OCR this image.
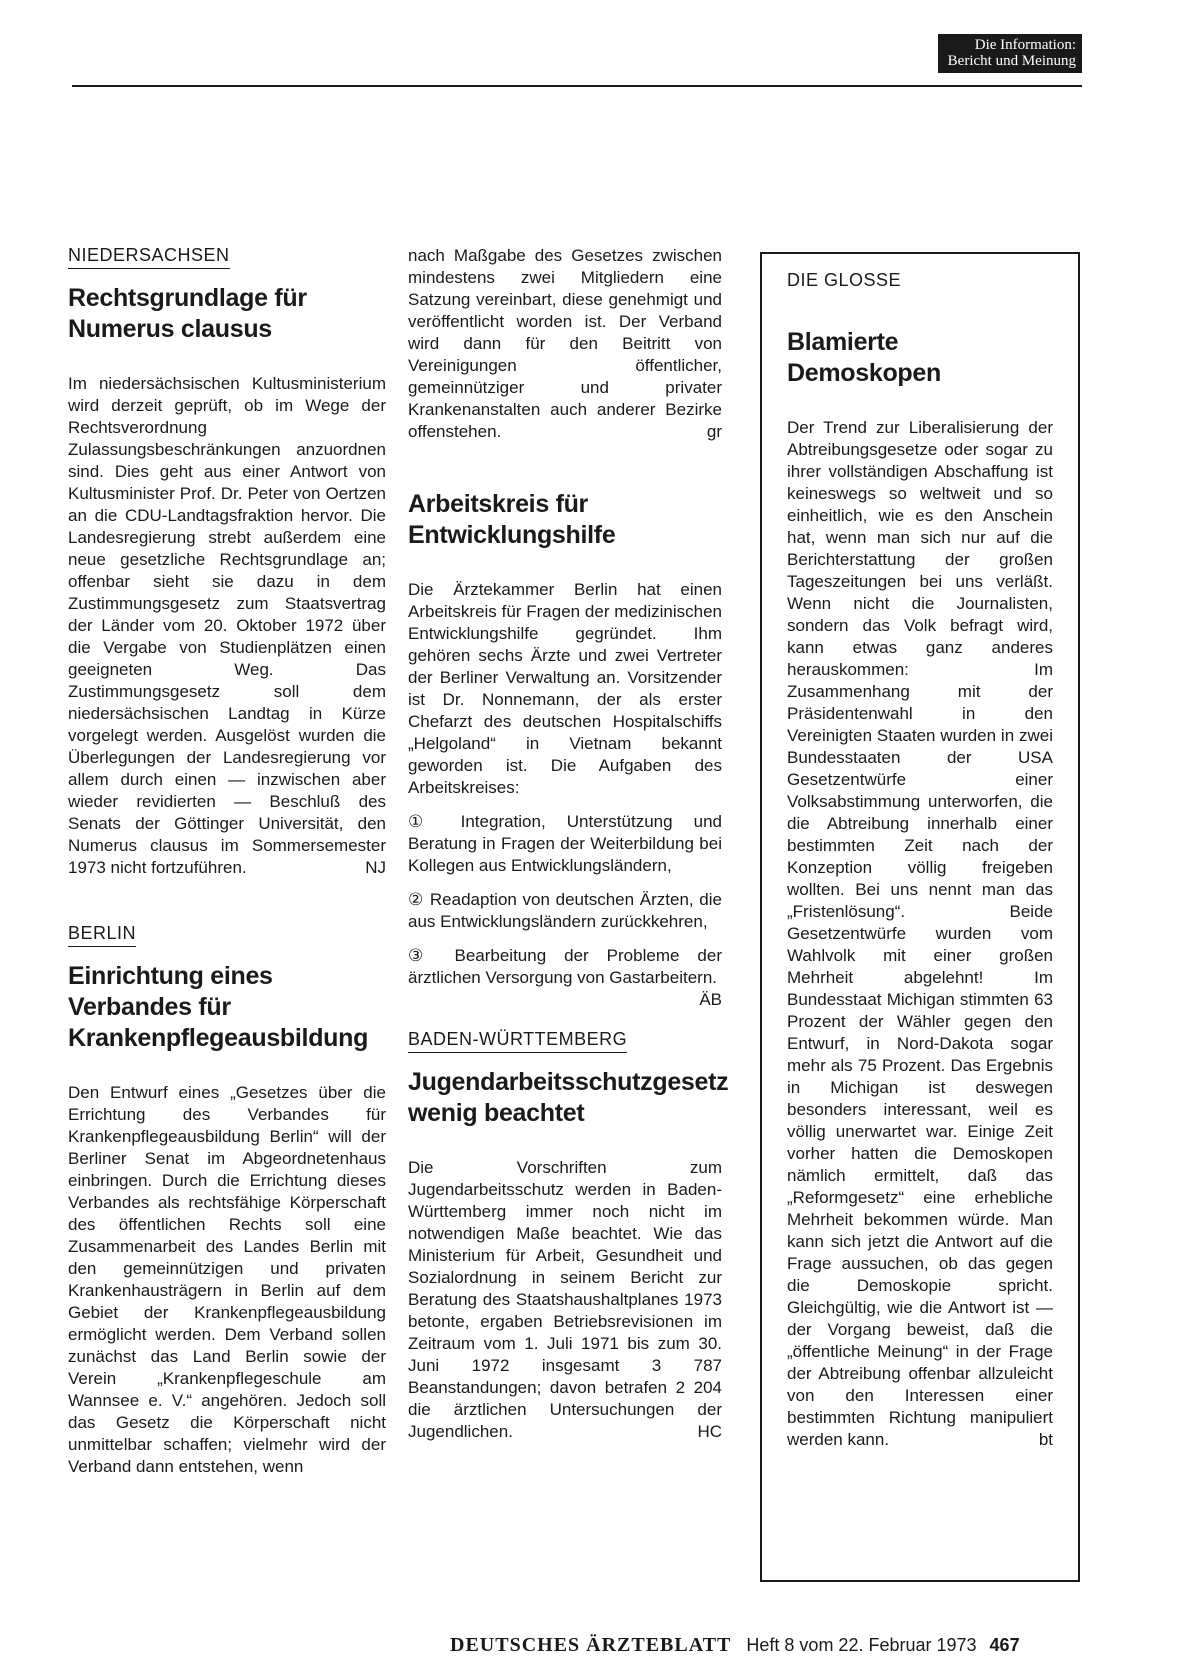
Die Information:
Bericht und Meinung
NIEDERSACHSEN
Rechtsgrundlage für Numerus clausus

Im niedersächsischen Kultusministerium wird derzeit geprüft, ob im Wege der Rechtsverordnung Zulassungsbeschränkungen anzuordnen sind. Dies geht aus einer Antwort von Kultusminister Prof. Dr. Peter von Oertzen an die CDU-Landtagsfraktion hervor. Die Landesregierung strebt außerdem eine neue gesetzliche Rechtsgrundlage an; offenbar sieht sie dazu in dem Zustimmungsgesetz zum Staatsvertrag der Länder vom 20. Oktober 1972 über die Vergabe von Studienplätzen einen geeigneten Weg. Das Zustimmungsgesetz soll dem niedersächsischen Landtag in Kürze vorgelegt werden. Ausgelöst wurden die Überlegungen der Landesregierung vor allem durch einen — inzwischen aber wieder revidierten — Beschluß des Senats der Göttinger Universität, den Numerus clausus im Sommersemester 1973 nicht fortzuführen.	NJ

BERLIN
Einrichtung eines Verbandes für Krankenpflegeausbildung

Den Entwurf eines „Gesetzes über die Errichtung des Verbandes für Krankenpflegeausbildung Berlin“ will der Berliner Senat im Abgeordnetenhaus einbringen. Durch die Errichtung dieses Verbandes als rechtsfähige Körperschaft des öffentlichen Rechts soll eine Zusammenarbeit des Landes Berlin mit den gemeinnützigen und privaten Krankenhausträgern in Berlin auf dem Gebiet der Krankenpflegeausbildung ermöglicht werden. Dem Verband sollen zunächst das Land Berlin sowie der Verein „Krankenpflegeschule am Wannsee e. V.“ angehören. Jedoch soll das Gesetz die Körperschaft nicht unmittelbar schaffen; vielmehr wird der Verband dann entstehen, wenn

nach Maßgabe des Gesetzes zwischen mindestens zwei Mitgliedern eine Satzung vereinbart, diese genehmigt und veröffentlicht worden ist. Der Verband wird dann für den Beitritt von Vereinigungen öffentlicher, gemeinnütziger und privater Krankenanstalten auch anderer Bezirke offenstehen.	gr

Arbeitskreis für Entwicklungshilfe

Die Ärztekammer Berlin hat einen Arbeitskreis für Fragen der medizinischen Entwicklungshilfe gegründet. Ihm gehören sechs Ärzte und zwei Vertreter der Berliner Verwaltung an. Vorsitzender ist Dr. Nonnemann, der als erster Chefarzt des deutschen Hospitalschiffs „Helgoland“ in Vietnam bekannt geworden ist. Die Aufgaben des Arbeitskreises:

① Integration, Unterstützung und Beratung in Fragen der Weiterbildung bei Kollegen aus Entwicklungsländern,

② Readaption von deutschen Ärzten, die aus Entwicklungsländern zurückkehren,

③ Bearbeitung der Probleme der ärztlichen Versorgung von Gastarbeitern.
ÄB

BADEN-WÜRTTEMBERG
Jugendarbeitsschutzgesetz wenig beachtet

Die Vorschriften zum Jugendarbeitsschutz werden in Baden-Württemberg immer noch nicht im notwendigen Maße beachtet. Wie das Ministerium für Arbeit, Gesundheit und Sozialordnung in seinem Bericht zur Beratung des Staatshaushaltplanes 1973 betonte, ergaben Betriebsrevisionen im Zeitraum vom 1. Juli 1971 bis zum 30. Juni 1972 insgesamt 3 787 Beanstandungen; davon betrafen 2 204 die ärztlichen Untersuchungen der Jugendlichen.	HC

DIE GLOSSE
Blamierte Demoskopen

Der Trend zur Liberalisierung der Abtreibungsgesetze oder sogar zu ihrer vollständigen Abschaffung ist keineswegs so weltweit und so einheitlich, wie es den Anschein hat, wenn man sich nur auf die Berichterstattung der großen Tageszeitungen bei uns verläßt. Wenn nicht die Journalisten, sondern das Volk befragt wird, kann etwas ganz anderes herauskommen: Im Zusammenhang mit der Präsidentenwahl in den Vereinigten Staaten wurden in zwei Bundesstaaten der USA Gesetzentwürfe einer Volksabstimmung unterworfen, die die Abtreibung innerhalb einer bestimmten Zeit nach der Konzeption völlig freigeben wollten. Bei uns nennt man das „Fristenlösung“. Beide Gesetzentwürfe wurden vom Wahlvolk mit einer großen Mehrheit abgelehnt! Im Bundesstaat Michigan stimmten 63 Prozent der Wähler gegen den Entwurf, in Nord-Dakota sogar mehr als 75 Prozent. Das Ergebnis in Michigan ist deswegen besonders interessant, weil es völlig unerwartet war. Einige Zeit vorher hatten die Demoskopen nämlich ermittelt, daß das „Reformgesetz“ eine erhebliche Mehrheit bekommen würde. Man kann sich jetzt die Antwort auf die Frage aussuchen, ob das gegen die Demoskopie spricht. Gleichgültig, wie die Antwort ist — der Vorgang beweist, daß die „öffentliche Meinung“ in der Frage der Abtreibung offenbar allzuleicht von den Interessen einer bestimmten Richtung manipuliert werden kann.	bt

DEUTSCHES ÄRZTEBLATT Heft 8 vom 22. Februar 1973 467
